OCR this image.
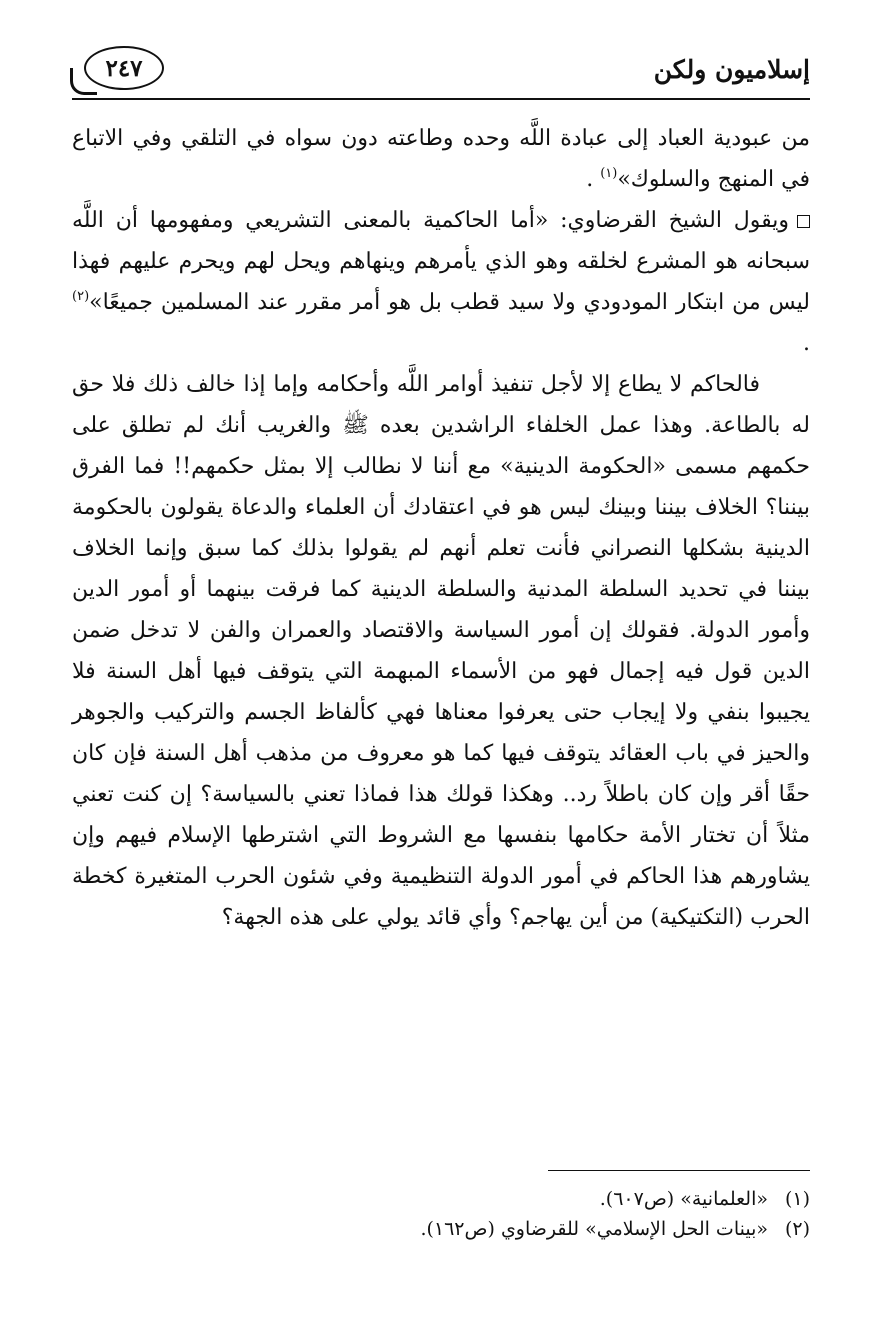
إسلاميون ولكن
٢٤٧

من عبودية العباد إلى عبادة اللَّه وحده وطاعته دون سواه في التلقي وفي الاتباع في المنهج والسلوك»$^{(١)}$ .

ويقول الشيخ القرضاوي: «أما الحاكمية بالمعنى التشريعي ومفهومها أن اللَّه سبحانه هو المشرع لخلقه وهو الذي يأمرهم وينهاهم ويحل لهم ويحرم عليهم فهذا ليس من ابتكار المودودي ولا سيد قطب بل هو أمر مقرر عند المسلمين جميعًا»$^{(٢)}$ .

فالحاكم لا يطاع إلا لأجل تنفيذ أوامر اللَّه وأحكامه وإما إذا خالف ذلك فلا حق له بالطاعة. وهذا عمل الخلفاء الراشدين بعده ﷺ والغريب أنك لم تطلق على حكمهم مسمى «الحكومة الدينية» مع أننا لا نطالب إلا بمثل حكمهم!! فما الفرق بيننا؟ الخلاف بيننا وبينك ليس هو في اعتقادك أن العلماء والدعاة يقولون بالحكومة الدينية بشكلها النصراني فأنت تعلم أنهم لم يقولوا بذلك كما سبق وإنما الخلاف بيننا في تحديد السلطة المدنية والسلطة الدينية كما فرقت بينهما أو أمور الدين وأمور الدولة. فقولك إن أمور السياسة والاقتصاد والعمران والفن لا تدخل ضمن الدين قول فيه إجمال فهو من الأسماء المبهمة التي يتوقف فيها أهل السنة فلا يجيبوا بنفي ولا إيجاب حتى يعرفوا معناها فهي كألفاظ الجسم والتركيب والجوهر والحيز في باب العقائد يتوقف فيها كما هو معروف من مذهب أهل السنة فإن كان حقًا أقر وإن كان باطلاً رد.. وهكذا قولك هذا فماذا تعني بالسياسة؟ إن كنت تعني مثلاً أن تختار الأمة حكامها بنفسها مع الشروط التي اشترطها الإسلام فيهم وإن يشاورهم هذا الحاكم في أمور الدولة التنظيمية وفي شئون الحرب المتغيرة كخطة الحرب (التكتيكية) من أين يهاجم؟ وأي قائد يولي على هذه الجهة؟

(١)«العلمانية» (ص٦٠٧).

(٢)«بينات الحل الإسلامي» للقرضاوي (ص١٦٢).
